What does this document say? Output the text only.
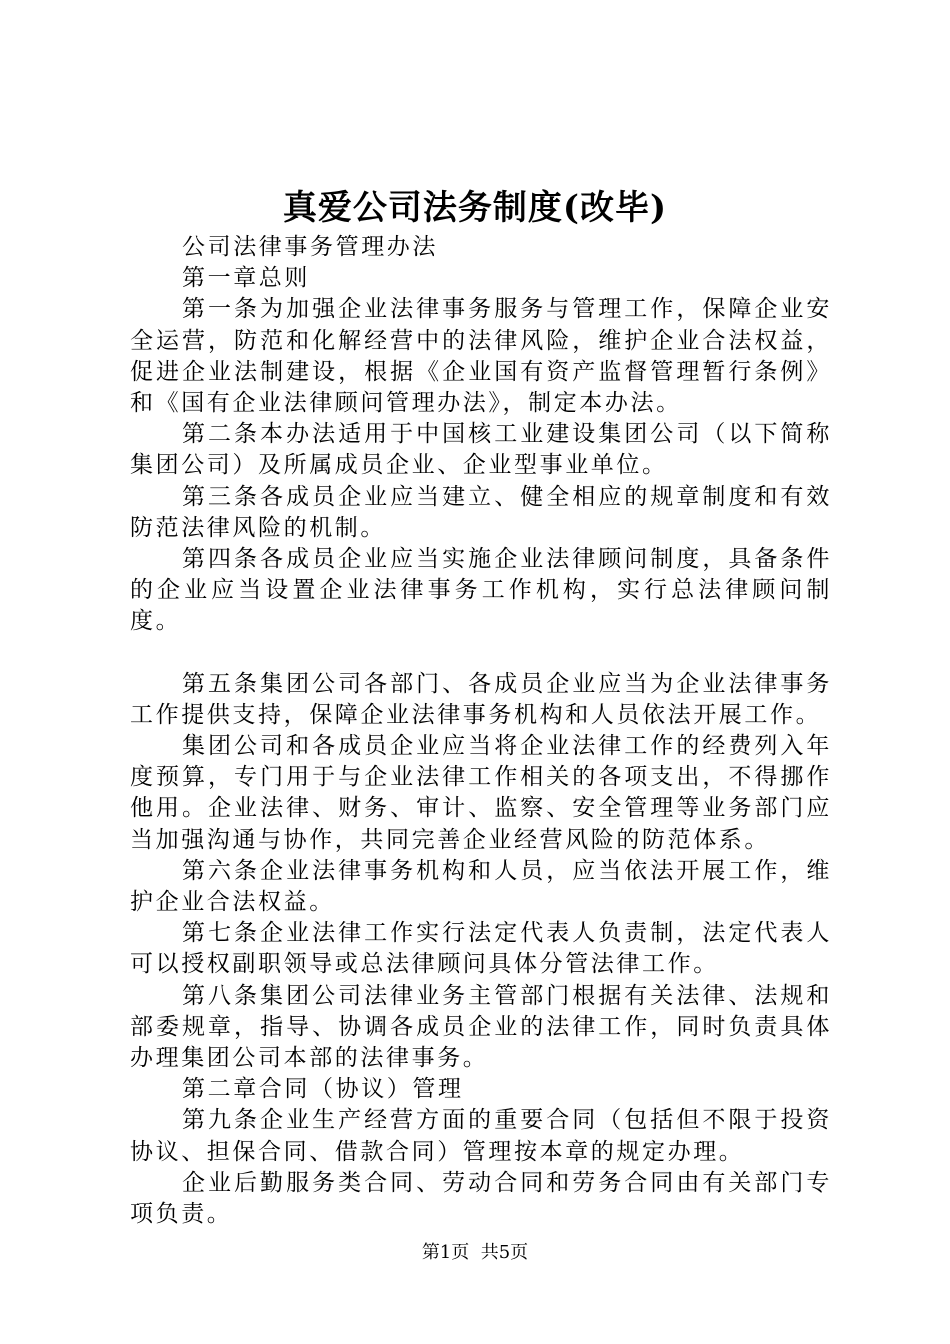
真爱公司法务制度(改毕)

公司法律事务管理办法

第一章总则

第一条为加强企业法律事务服务与管理工作，保障企业安全运营，防范和化解经营中的法律风险，维护企业合法权益，促进企业法制建设，根据《企业国有资产监督管理暂行条例》和《国有企业法律顾问管理办法》，制定本办法。

第二条本办法适用于中国核工业建设集团公司（以下简称集团公司）及所属成员企业、企业型事业单位。

第三条各成员企业应当建立、健全相应的规章制度和有效防范法律风险的机制。

第四条各成员企业应当实施企业法律顾问制度，具备条件的企业应当设置企业法律事务工作机构，实行总法律顾问制度。

第五条集团公司各部门、各成员企业应当为企业法律事务工作提供支持，保障企业法律事务机构和人员依法开展工作。

集团公司和各成员企业应当将企业法律工作的经费列入年度预算，专门用于与企业法律工作相关的各项支出，不得挪作他用。企业法律、财务、审计、监察、安全管理等业务部门应当加强沟通与协作，共同完善企业经营风险的防范体系。

第六条企业法律事务机构和人员，应当依法开展工作，维护企业合法权益。

第七条企业法律工作实行法定代表人负责制，法定代表人可以授权副职领导或总法律顾问具体分管法律工作。

第八条集团公司法律业务主管部门根据有关法律、法规和部委规章，指导、协调各成员企业的法律工作，同时负责具体办理集团公司本部的法律事务。

第二章合同（协议）管理

第九条企业生产经营方面的重要合同（包括但不限于投资协议、担保合同、借款合同）管理按本章的规定办理。

企业后勤服务类合同、劳动合同和劳务合同由有关部门专项负责。

第1页 共5页
